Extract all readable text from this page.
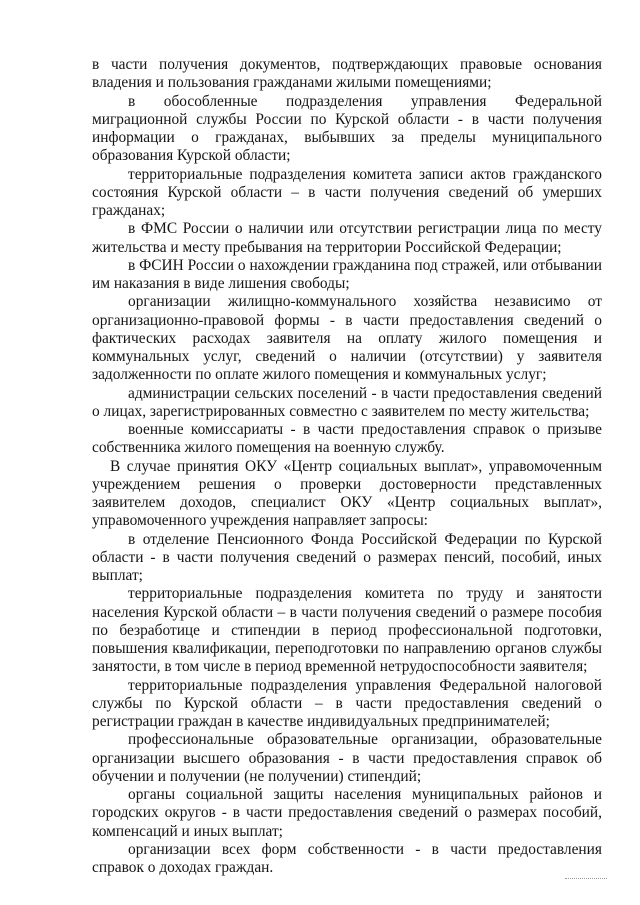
в части получения документов, подтверждающих правовые основания владения и пользования гражданами жилыми помещениями;

в обособленные подразделения управления Федеральной миграционной службы России по Курской области - в части получения информации о гражданах, выбывших за пределы муниципального образования Курской области;

территориальные подразделения комитета записи актов гражданского состояния Курской области – в части получения сведений об умерших гражданах;

в ФМС России о наличии или отсутствии регистрации лица по месту жительства и месту пребывания на территории Российской Федерации;

в ФСИН России о нахождении гражданина под стражей, или отбывании им наказания в виде лишения свободы;

организации жилищно-коммунального хозяйства независимо от организационно-правовой формы - в части предоставления сведений о фактических расходах заявителя на оплату жилого помещения и коммунальных услуг, сведений о наличии (отсутствии) у заявителя задолженности по оплате жилого помещения и коммунальных услуг;

администрации сельских поселений - в части предоставления сведений о лицах, зарегистрированных совместно с заявителем по месту жительства;

военные комиссариаты - в части предоставления справок о призыве собственника жилого помещения на военную службу.

В случае принятия ОКУ «Центр социальных выплат», управомоченным учреждением решения о проверки достоверности представленных заявителем доходов, специалист ОКУ «Центр социальных выплат», управомоченного учреждения направляет запросы:

в отделение Пенсионного Фонда Российской Федерации по Курской области - в части получения сведений о размерах пенсий, пособий, иных выплат;

территориальные подразделения комитета по труду и занятости населения Курской области – в части получения сведений о размере пособия по безработице и стипендии в период профессиональной подготовки, повышения квалификации, переподготовки по направлению органов службы занятости, в том числе в период временной нетрудоспособности заявителя;

территориальные подразделения управления Федеральной налоговой службы по Курской области – в части предоставления сведений о регистрации граждан в качестве индивидуальных предпринимателей;

профессиональные образовательные организации, образовательные организации высшего образования - в части предоставления справок об обучении и получении (не получении) стипендий;

органы социальной защиты населения муниципальных районов и городских округов - в части предоставления сведений о размерах пособий, компенсаций и иных выплат;

организации всех форм собственности - в части предоставления справок о доходах граждан.
